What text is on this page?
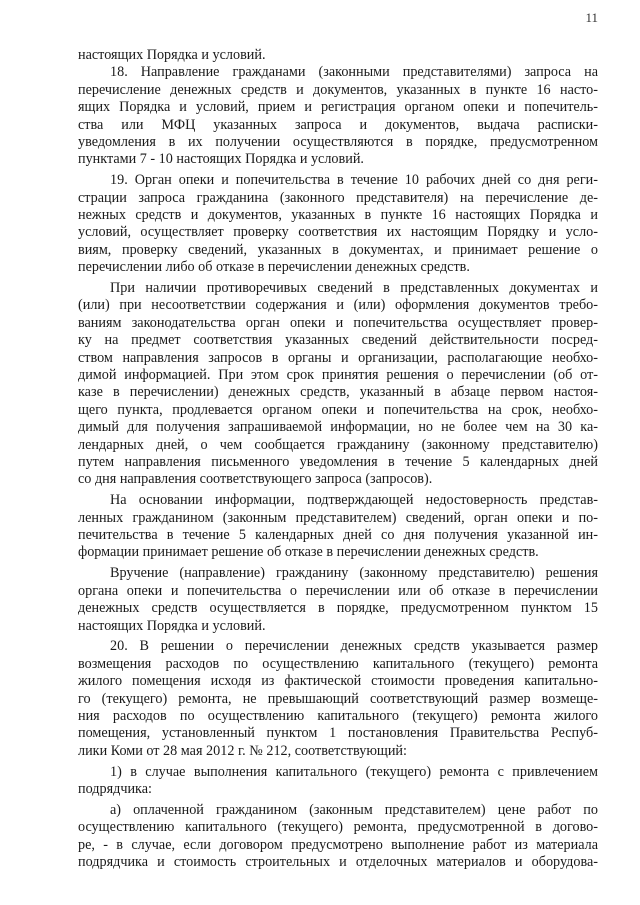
11
настоящих Порядка и условий.
18. Направление гражданами (законными представителями) запроса на
перечисление денежных средств и документов, указанных в пункте 16 насто-
ящих Порядка и условий, прием и регистрация органом опеки и попечитель-
ства или МФЦ указанных запроса и документов, выдача расписки-
уведомления в их получении осуществляются в порядке, предусмотренном
пунктами 7 - 10 настоящих Порядка и условий.
19. Орган опеки и попечительства в течение 10 рабочих дней со дня реги-
страции запроса гражданина (законного представителя) на перечисление де-
нежных средств и документов, указанных в пункте 16 настоящих Порядка и
условий, осуществляет проверку соответствия их настоящим Порядку и усло-
виям, проверку сведений, указанных в документах, и принимает решение о
перечислении либо об отказе в перечислении денежных средств.
При наличии противоречивых сведений в представленных документах и
(или) при несоответствии содержания и (или) оформления документов требо-
ваниям законодательства орган опеки и попечительства осуществляет провер-
ку на предмет соответствия указанных сведений действительности посред-
ством направления запросов в органы и организации, располагающие необхо-
димой информацией. При этом срок принятия решения о перечислении (об от-
казе в перечислении) денежных средств, указанный в абзаце первом настоя-
щего пункта, продлевается органом опеки и попечительства на срок, необхо-
димый для получения запрашиваемой информации, но не более чем на 30 ка-
лендарных дней, о чем сообщается гражданину (законному представителю)
путем направления письменного уведомления в течение 5 календарных дней
со дня направления соответствующего запроса (запросов).
На основании информации, подтверждающей недостоверность представ-
ленных гражданином (законным представителем) сведений, орган опеки и по-
печительства в течение 5 календарных дней со дня получения указанной ин-
формации принимает решение об отказе в перечислении денежных средств.
Вручение (направление) гражданину (законному представителю) решения
органа опеки и попечительства о перечислении или об отказе в перечислении
денежных средств осуществляется в порядке, предусмотренном пунктом 15
настоящих Порядка и условий.
20. В решении о перечислении денежных средств указывается размер
возмещения расходов по осуществлению капитального (текущего) ремонта
жилого помещения исходя из фактической стоимости проведения капитально-
го (текущего) ремонта, не превышающий соответствующий размер возмеще-
ния расходов по осуществлению капитального (текущего) ремонта жилого
помещения, установленный пунктом 1 постановления Правительства Респуб-
лики Коми от 28 мая 2012 г. № 212, соответствующий:
1) в случае выполнения капитального (текущего) ремонта с привлечением
подрядчика:
а) оплаченной гражданином (законным представителем) цене работ по
осуществлению капитального (текущего) ремонта, предусмотренной в догово-
ре, - в случае, если договором предусмотрено выполнение работ из материала
подрядчика и стоимость строительных и отделочных материалов и оборудова-
